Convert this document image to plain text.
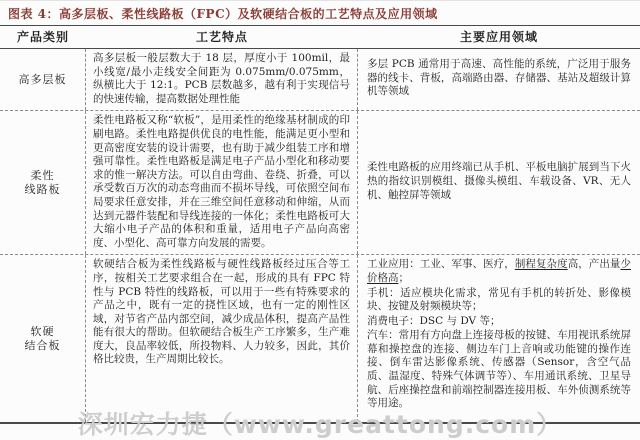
图表 4：高多层板、柔性线路板（FPC）及软硬结合板的工艺特点及应用领域
产品类别	工艺特点	主要应用领域
高多层板
高多层板一般层数大于 18 层，厚度小于 100mil，最小线宽/最小走线安全间距为 0.075mm/0.075mm，纵横比大于 12:1。PCB 层数越多，越有利于实现信号的快速传输，提高数据处理性能

多层 PCB 通常用于高速、高性能的系统，广泛用于服务器的线卡、背板，高端路由器、存储器、基站及超级计算机等领域

柔性
线路板
柔性电路板又称“软板”，是用柔性的绝缘基材制成的印刷电路。柔性电路提供优良的电性能，能满足更小型和更高密度安装的设计需要，也有助于减少组装工序和增强可靠性。柔性电路板是满足电子产品小型化和移动要求的惟一解决方法。可以自由弯曲、卷绕、折叠，可以承受数百万次的动态弯曲而不损坏导线，可依照空间布局要求任意安排，并在三维空间任意移动和伸缩，从而达到元器件装配和导线连接的一体化；柔性电路板可大大缩小电子产品的体积和重量，适用电子产品向高密度、小型化、高可靠方向发展的需要。

柔性电路板的应用终端已从手机、平板电脑扩展到当下火热的指纹识别模组、摄像头模组、车载设备、VR、无人机、触控屏等领域

软硬
结合板
软硬结合板为柔性线路板与硬性线路板经过压合等工序，按相关工艺要求组合在一起，形成的具有 FPC 特性与 PCB 特性的线路板，可以用于一些有特殊要求的产品之中，既有一定的挠性区域，也有一定的刚性区域，对节省产品内部空间，减少成品体积，提高产品性能有很大的帮助。但软硬结合板生产工序繁多，生产难度大，良品率较低，所投物料、人力较多，因此，其价格比较贵，生产周期比较长。

工业应用：工业、军事、医疗，制程复杂度高，产出量少价格高；

手机：适应模块化需求，常见有手机的转折处、影像模块、按键及射频模块等；

消费电子：DSC 与 DV 等；

汽车：常用有方向盘上连接母板的按键、车用视讯系统屏幕和操控盘的连接、侧边车门上音响或功能键的操作连接、倒车雷达影像系统、传感器（Sensor，含空气品质、温湿度、特殊气体调节等）、车用通讯系统、卫星导航、后座操控盘和前端控制器连接用板、车外侦测系统等等用途。

深圳宏力捷（www.greattong.com）
